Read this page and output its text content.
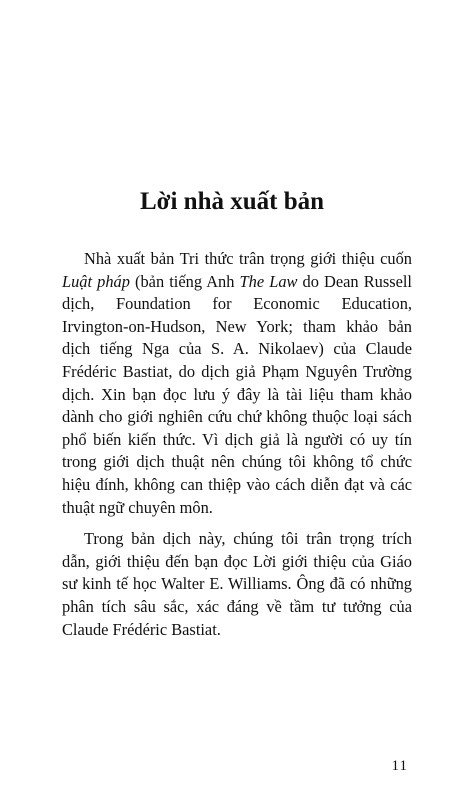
Lời nhà xuất bản

Nhà xuất bản Tri thức trân trọng giới thiệu cuốn Luật pháp (bản tiếng Anh The Law do Dean Russell dịch, Foundation for Economic Education, Irvington-on-Hudson, New York; tham khảo bản dịch tiếng Nga của S. A. Nikolaev) của Claude Frédéric Bastiat, do dịch giả Phạm Nguyên Trường dịch. Xin bạn đọc lưu ý đây là tài liệu tham khảo dành cho giới nghiên cứu chứ không thuộc loại sách phổ biến kiến thức. Vì dịch giả là người có uy tín trong giới dịch thuật nên chúng tôi không tổ chức hiệu đính, không can thiệp vào cách diễn đạt và các thuật ngữ chuyên môn.

Trong bản dịch này, chúng tôi trân trọng trích dẫn, giới thiệu đến bạn đọc Lời giới thiệu của Giáo sư kinh tế học Walter E. Williams. Ông đã có những phân tích sâu sắc, xác đáng về tầm tư tưởng của Claude Frédéric Bastiat.

11
